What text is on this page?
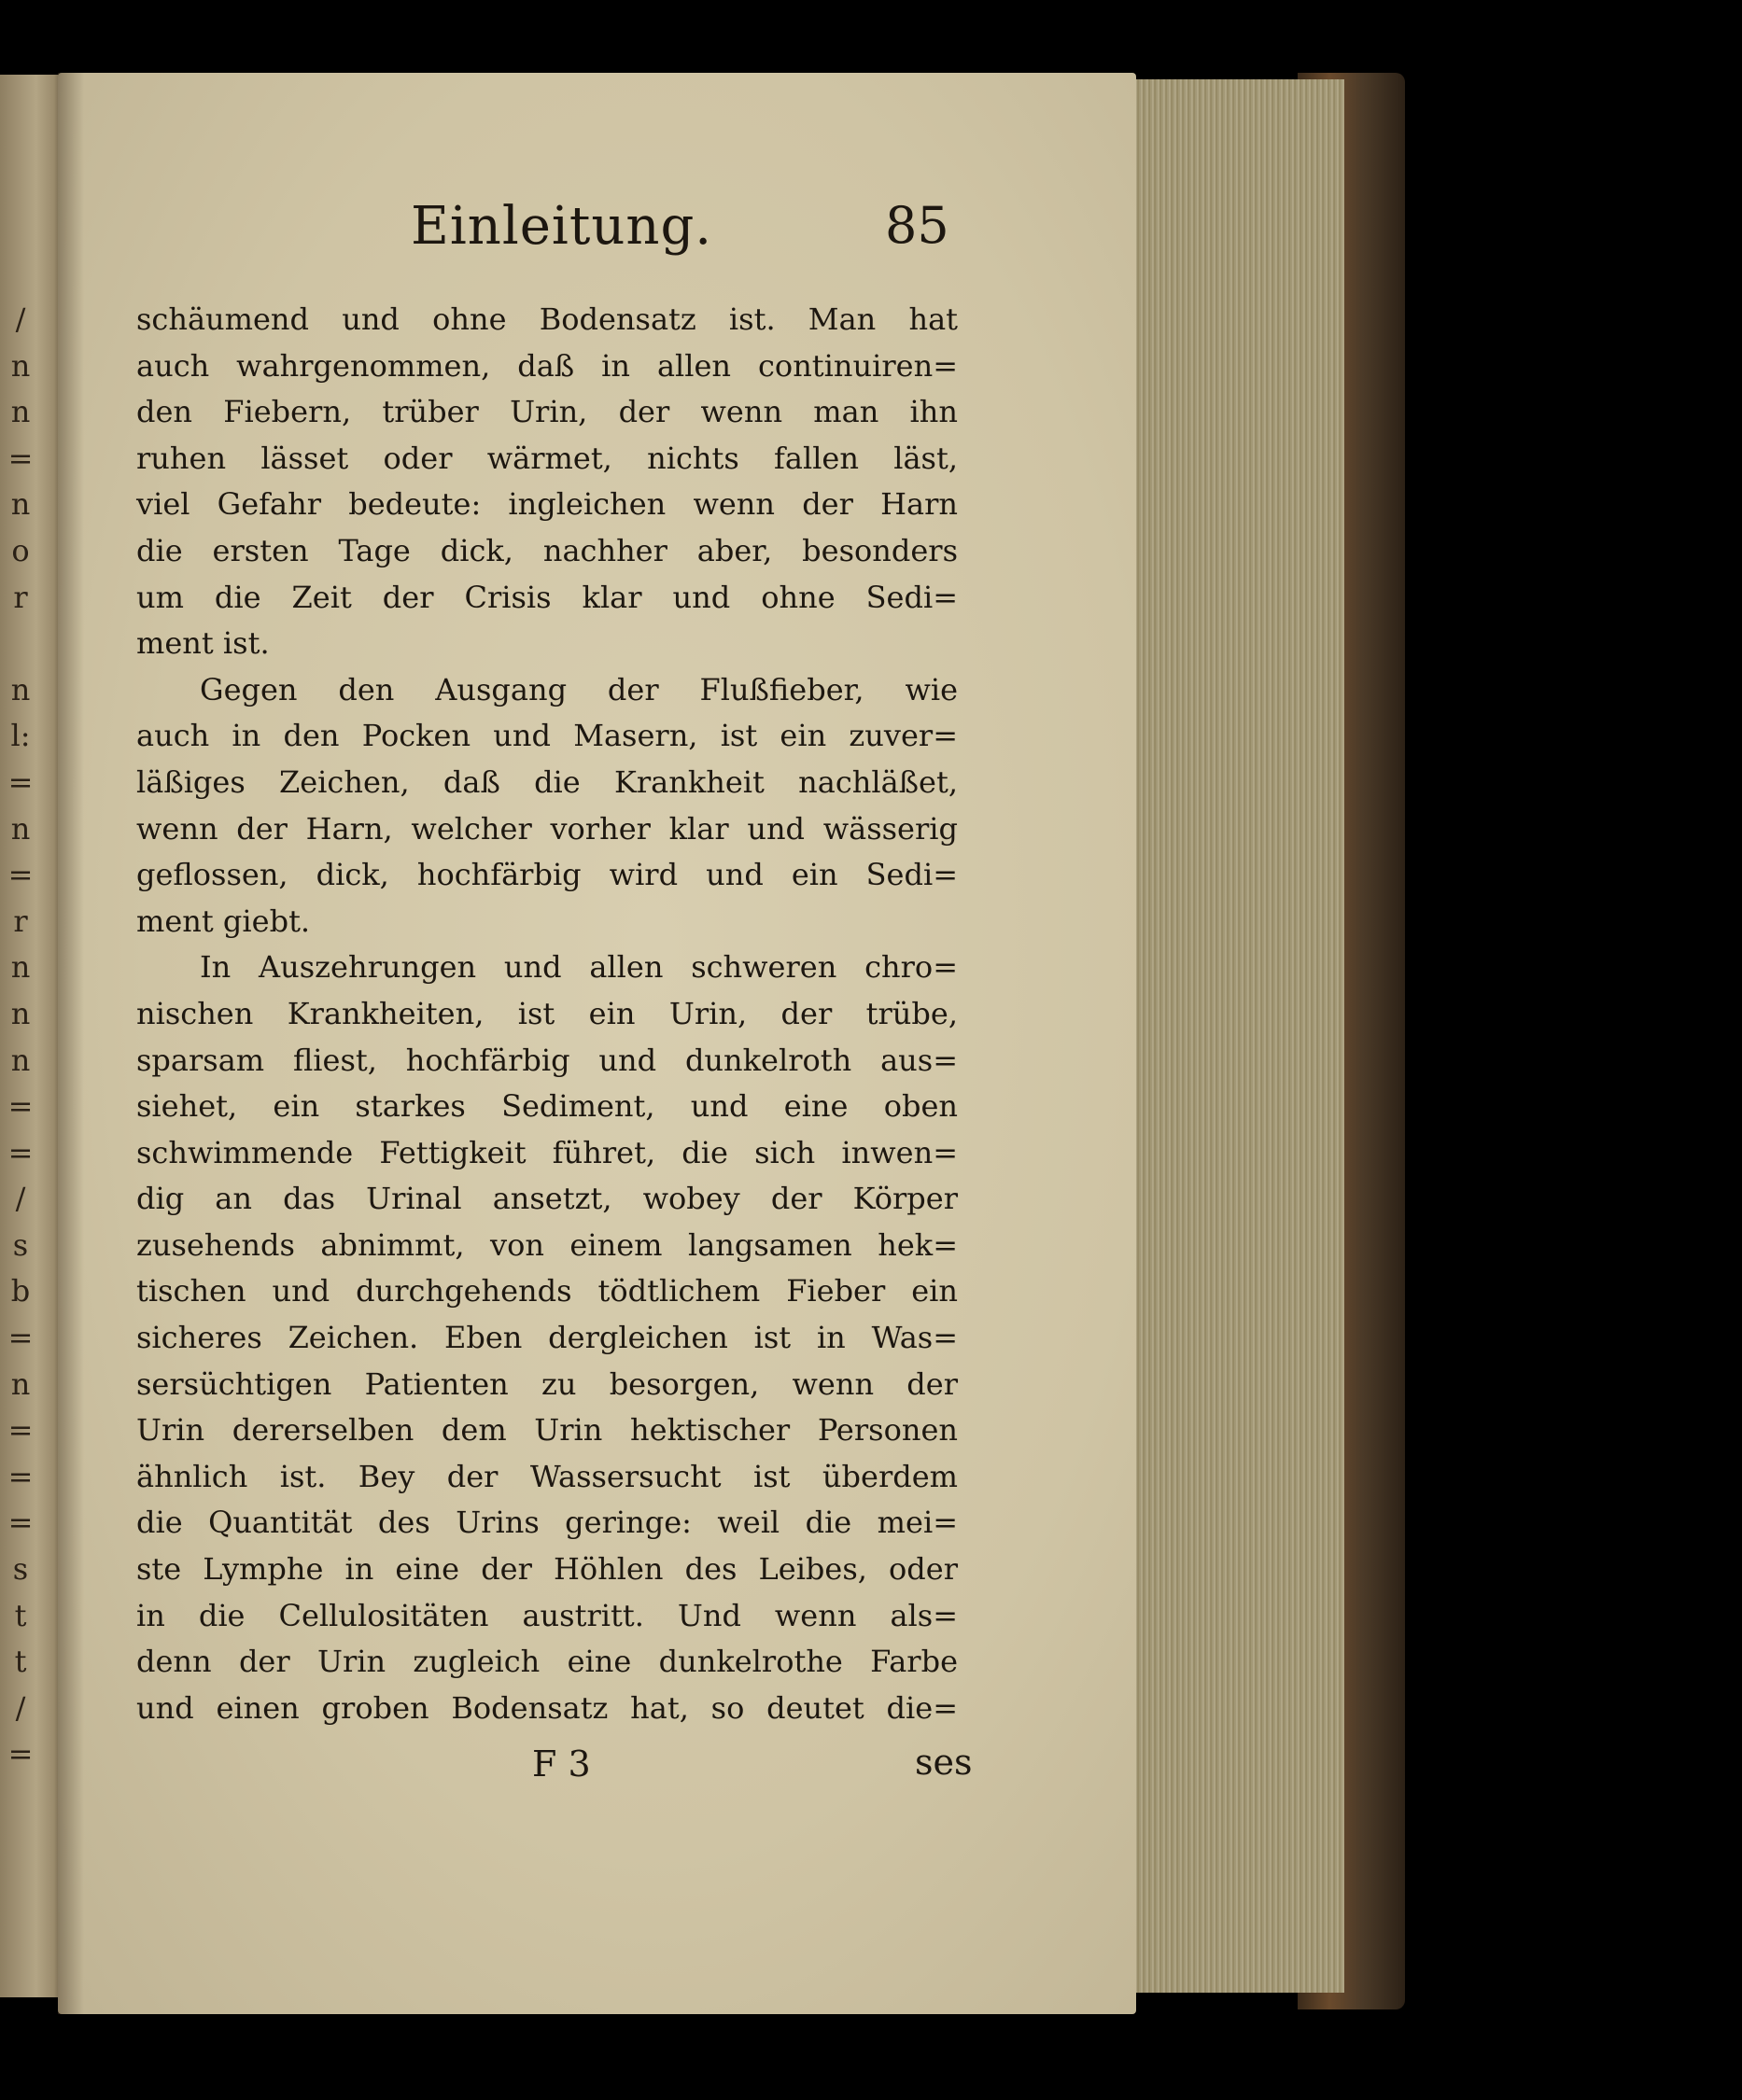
/
n
n
=
n
o
r
n
l:
=
n
=
r
n
n
n
=
=
/
s
b
=
n
=
=
=
s
t
t
/
=
Einleitung.	85
schäumend und ohne Bodensatz ist. Man hat
auch wahrgenommen, daß in allen continuiren=
den Fiebern, trüber Urin, der wenn man ihn
ruhen lässet oder wärmet, nichts fallen läst,
viel Gefahr bedeute: ingleichen wenn der Harn
die ersten Tage dick, nachher aber, besonders
um die Zeit der Crisis klar und ohne Sedi=
ment ist.
Gegen den Ausgang der Flußfieber, wie
auch in den Pocken und Masern, ist ein zuver=
läßiges Zeichen, daß die Krankheit nachläßet,
wenn der Harn, welcher vorher klar und wässerig
geflossen, dick, hochfärbig wird und ein Sedi=
ment giebt.
In Auszehrungen und allen schweren chro=
nischen Krankheiten, ist ein Urin, der trübe,
sparsam fliest, hochfärbig und dunkelroth aus=
siehet, ein starkes Sediment, und eine oben
schwimmende Fettigkeit führet, die sich inwen=
dig an das Urinal ansetzt, wobey der Körper
zusehends abnimmt, von einem langsamen hek=
tischen und durchgehends tödtlichem Fieber ein
sicheres Zeichen. Eben dergleichen ist in Was=
sersüchtigen Patienten zu besorgen, wenn der
Urin dererselben dem Urin hektischer Personen
ähnlich ist. Bey der Wassersucht ist überdem
die Quantität des Urins geringe: weil die mei=
ste Lymphe in eine der Höhlen des Leibes, oder
in die Cellulositäten austritt. Und wenn als=
denn der Urin zugleich eine dunkelrothe Farbe
und einen groben Bodensatz hat, so deutet die=
F 3	ses
